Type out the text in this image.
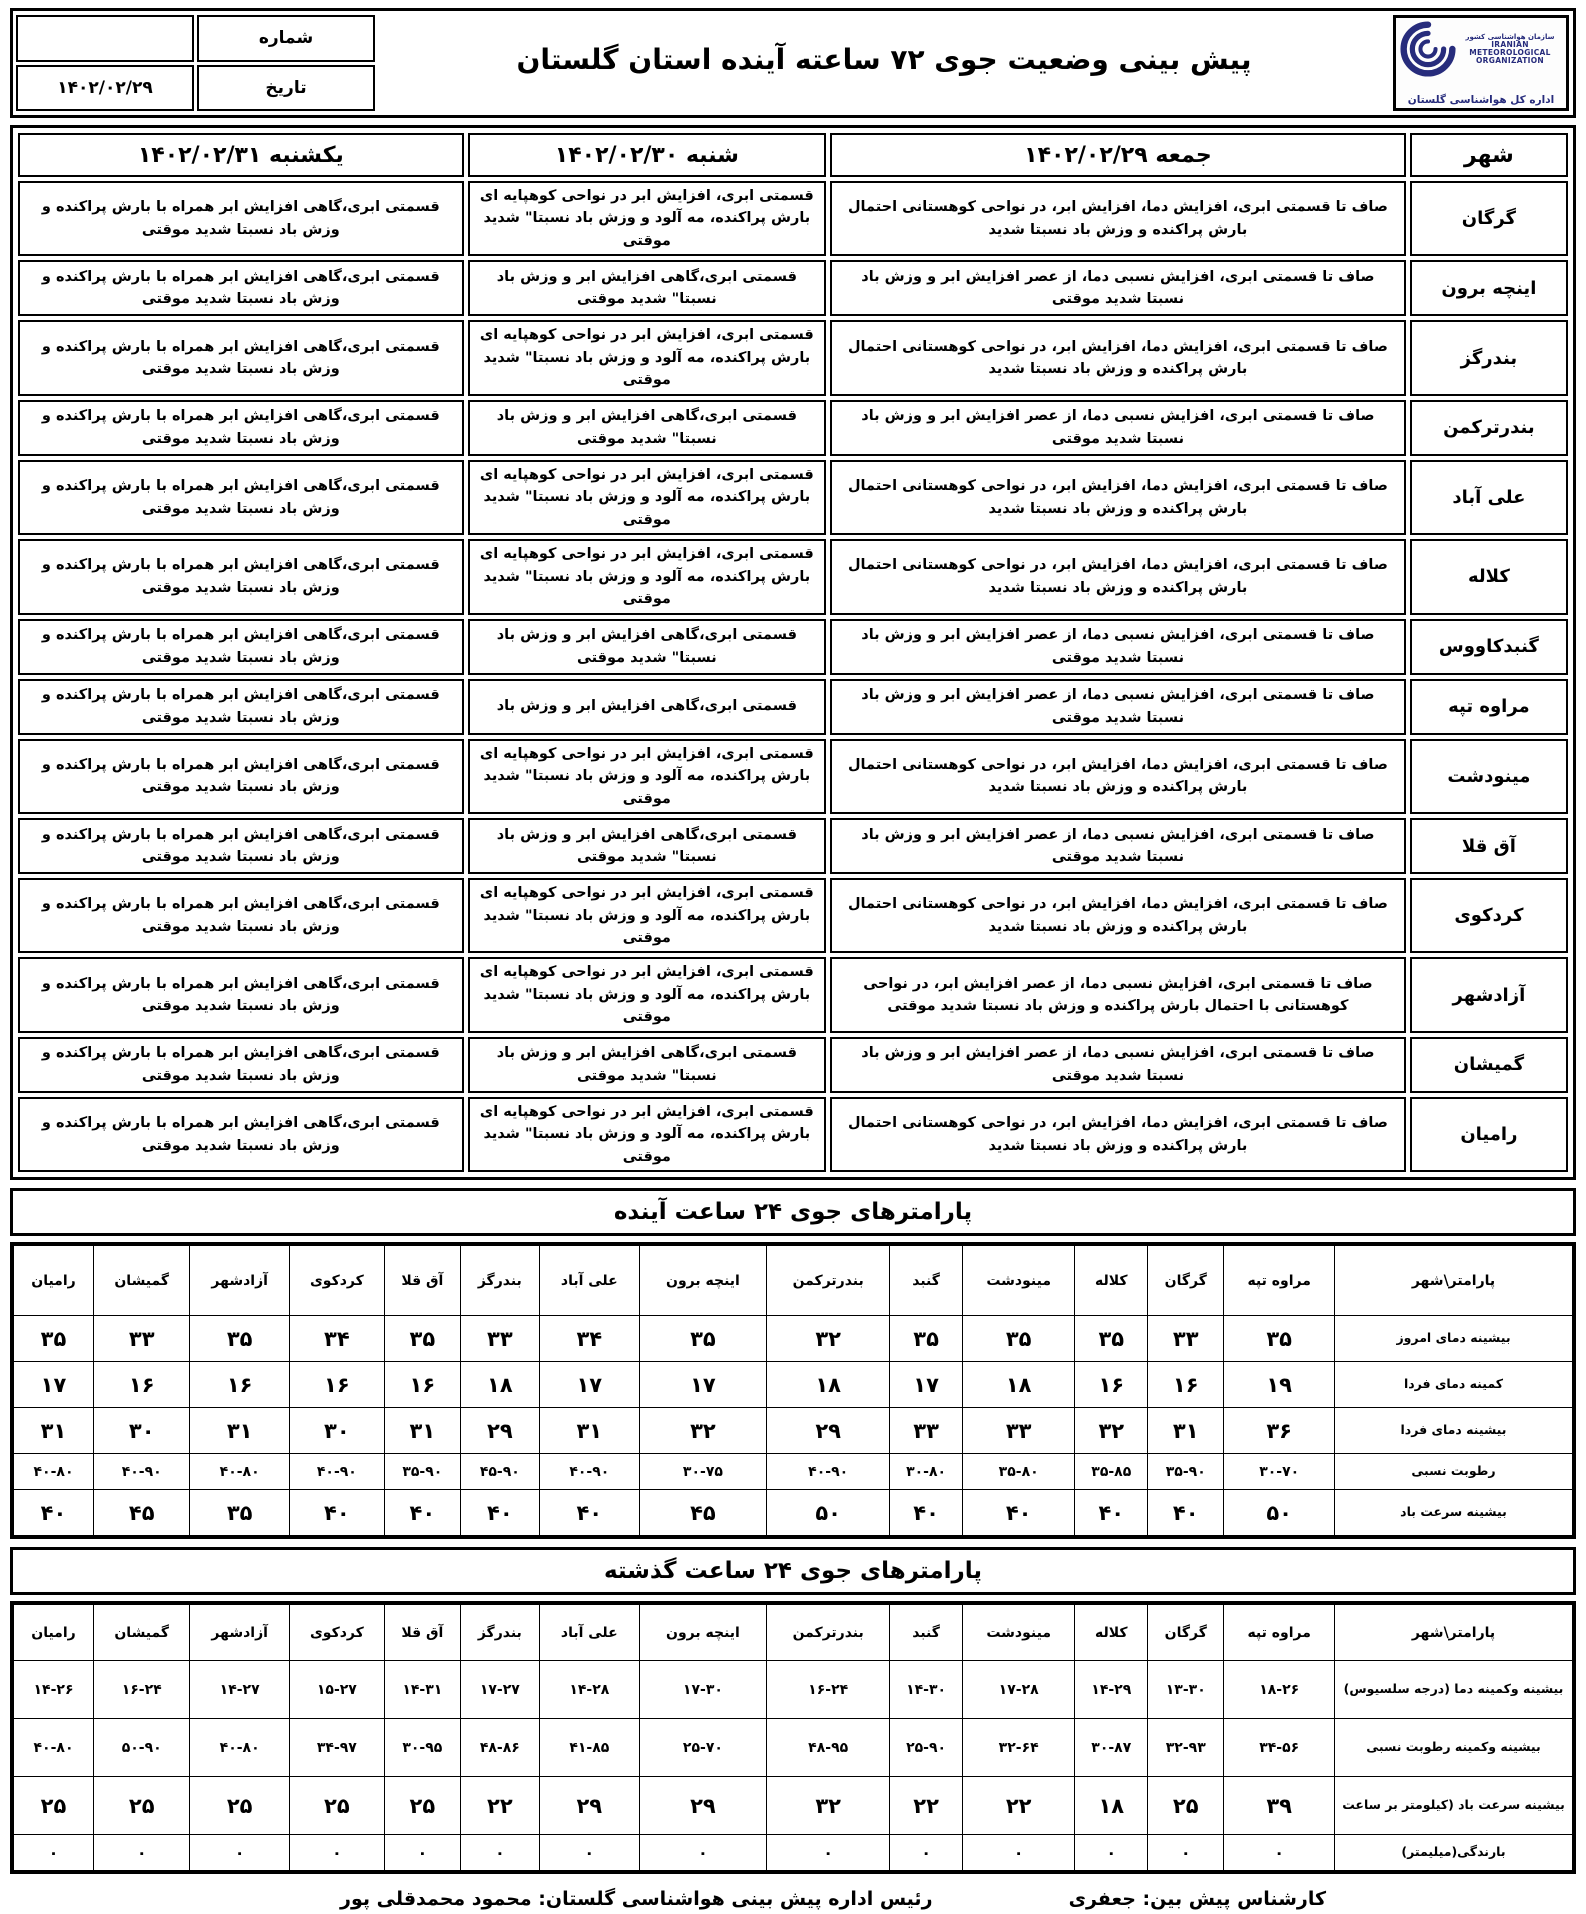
سازمان هواشناسی کشور
IRANIAN
METEOROLOGICAL
ORGANIZATION
اداره کل هواشناسی گلستان
پیش بینی وضعیت جوی ۷۲ ساعته آینده استان گلستان
شماره
تاریخ
۱۴۰۲/۰۲/۲۹
شهر	جمعه ۱۴۰۲/۰۲/۲۹	شنبه ۱۴۰۲/۰۲/۳۰	یکشنبه ۱۴۰۲/۰۲/۳۱
گرگان	صاف تا قسمتی ابری، افزایش دما، افزایش ابر، در نواحی کوهستانی احتمال بارش پراکنده و وزش باد نسبتا شدید	قسمتی ابری، افزایش ابر در نواحی کوهپایه ای بارش پراکنده، مه آلود و وزش باد نسبتا" شدید موقتی	قسمتی ابری،گاهی افزایش ابر همراه با بارش پراکنده و وزش باد نسبتا شدید موقتی
اینچه برون	صاف تا قسمتی ابری، افزایش نسبی دما، از عصر افزایش ابر و وزش باد نسبتا شدید موقتی	قسمتی ابری،گاهی افزایش ابر و وزش باد نسبتا" شدید موقتی	قسمتی ابری،گاهی افزایش ابر همراه با بارش پراکنده و وزش باد نسبتا شدید موقتی
بندرگز	صاف تا قسمتی ابری، افزایش دما، افزایش ابر، در نواحی کوهستانی احتمال بارش پراکنده و وزش باد نسبتا شدید	قسمتی ابری، افزایش ابر در نواحی کوهپایه ای بارش پراکنده، مه آلود و وزش باد نسبتا" شدید موقتی	قسمتی ابری،گاهی افزایش ابر همراه با بارش پراکنده و وزش باد نسبتا شدید موقتی
بندرترکمن	صاف تا قسمتی ابری، افزایش نسبی دما، از عصر افزایش ابر و وزش باد نسبتا شدید موقتی	قسمتی ابری،گاهی افزایش ابر و وزش باد نسبتا" شدید موقتی	قسمتی ابری،گاهی افزایش ابر همراه با بارش پراکنده و وزش باد نسبتا شدید موقتی
علی آباد	صاف تا قسمتی ابری، افزایش دما، افزایش ابر، در نواحی کوهستانی احتمال بارش پراکنده و وزش باد نسبتا شدید	قسمتی ابری، افزایش ابر در نواحی کوهپایه ای بارش پراکنده، مه آلود و وزش باد نسبتا" شدید موقتی	قسمتی ابری،گاهی افزایش ابر همراه با بارش پراکنده و وزش باد نسبتا شدید موقتی
کلاله	صاف تا قسمتی ابری، افزایش دما، افزایش ابر، در نواحی کوهستانی احتمال بارش پراکنده و وزش باد نسبتا شدید	قسمتی ابری، افزایش ابر در نواحی کوهپایه ای بارش پراکنده، مه آلود و وزش باد نسبتا" شدید موقتی	قسمتی ابری،گاهی افزایش ابر همراه با بارش پراکنده و وزش باد نسبتا شدید موقتی
گنبدکاووس	صاف تا قسمتی ابری، افزایش نسبی دما، از عصر افزایش ابر و وزش باد نسبتا شدید موقتی	قسمتی ابری،گاهی افزایش ابر و وزش باد نسبتا" شدید موقتی	قسمتی ابری،گاهی افزایش ابر همراه با بارش پراکنده و وزش باد نسبتا شدید موقتی
مراوه تپه	صاف تا قسمتی ابری، افزایش نسبی دما، از عصر افزایش ابر و وزش باد نسبتا شدید موقتی	قسمتی ابری،گاهی افزایش ابر و وزش باد	قسمتی ابری،گاهی افزایش ابر همراه با بارش پراکنده و وزش باد نسبتا شدید موقتی
مینودشت	صاف تا قسمتی ابری، افزایش دما، افزایش ابر، در نواحی کوهستانی احتمال بارش پراکنده و وزش باد نسبتا شدید	قسمتی ابری، افزایش ابر در نواحی کوهپایه ای بارش پراکنده، مه آلود و وزش باد نسبتا" شدید موقتی	قسمتی ابری،گاهی افزایش ابر همراه با بارش پراکنده و وزش باد نسبتا شدید موقتی
آق قلا	صاف تا قسمتی ابری، افزایش نسبی دما، از عصر افزایش ابر و وزش باد نسبتا شدید موقتی	قسمتی ابری،گاهی افزایش ابر و وزش باد نسبتا" شدید موقتی	قسمتی ابری،گاهی افزایش ابر همراه با بارش پراکنده و وزش باد نسبتا شدید موقتی
کردکوی	صاف تا قسمتی ابری، افزایش دما، افزایش ابر، در نواحی کوهستانی احتمال بارش پراکنده و وزش باد نسبتا شدید	قسمتی ابری، افزایش ابر در نواحی کوهپایه ای بارش پراکنده، مه آلود و وزش باد نسبتا" شدید موقتی	قسمتی ابری،گاهی افزایش ابر همراه با بارش پراکنده و وزش باد نسبتا شدید موقتی
آزادشهر	صاف تا قسمتی ابری، افزایش نسبی دما، از عصر افزایش ابر، در نواحی کوهستانی با احتمال بارش پراکنده و وزش باد نسبتا شدید موقتی	قسمتی ابری، افزایش ابر در نواحی کوهپایه ای بارش پراکنده، مه آلود و وزش باد نسبتا" شدید موقتی	قسمتی ابری،گاهی افزایش ابر همراه با بارش پراکنده و وزش باد نسبتا شدید موقتی
گمیشان	صاف تا قسمتی ابری، افزایش نسبی دما، از عصر افزایش ابر و وزش باد نسبتا شدید موقتی	قسمتی ابری،گاهی افزایش ابر و وزش باد نسبتا" شدید موقتی	قسمتی ابری،گاهی افزایش ابر همراه با بارش پراکنده و وزش باد نسبتا شدید موقتی
رامیان	صاف تا قسمتی ابری، افزایش دما، افزایش ابر، در نواحی کوهستانی احتمال بارش پراکنده و وزش باد نسبتا شدید	قسمتی ابری، افزایش ابر در نواحی کوهپایه ای بارش پراکنده، مه آلود و وزش باد نسبتا" شدید موقتی	قسمتی ابری،گاهی افزایش ابر همراه با بارش پراکنده و وزش باد نسبتا شدید موقتی
پارامترهای جوی ۲۴ ساعت آینده
پارامتر\شهر	مراوه تپه	گرگان	کلاله	مینودشت	گنبد	بندرترکمن	اینچه برون	علی آباد	بندرگز	آق قلا	کردکوی	آزادشهر	گمیشان	رامیان
بیشینه دمای امروز	۳۵	۳۳	۳۵	۳۵	۳۵	۳۲	۳۵	۳۴	۳۳	۳۵	۳۴	۳۵	۳۳	۳۵
کمینه دمای فردا	۱۹	۱۶	۱۶	۱۸	۱۷	۱۸	۱۷	۱۷	۱۸	۱۶	۱۶	۱۶	۱۶	۱۷
بیشینه دمای فردا	۳۶	۳۱	۳۲	۳۳	۳۳	۲۹	۳۲	۳۱	۲۹	۳۱	۳۰	۳۱	۳۰	۳۱
رطوبت نسبی	۳۰-۷۰	۳۵-۹۰	۳۵-۸۵	۳۵-۸۰	۳۰-۸۰	۴۰-۹۰	۳۰-۷۵	۴۰-۹۰	۴۵-۹۰	۳۵-۹۰	۴۰-۹۰	۴۰-۸۰	۴۰-۹۰	۴۰-۸۰
بیشینه سرعت باد	۵۰	۴۰	۴۰	۴۰	۴۰	۵۰	۴۵	۴۰	۴۰	۴۰	۴۰	۳۵	۴۵	۴۰
پارامترهای جوی ۲۴ ساعت گذشته
پارامتر\شهر	مراوه تپه	گرگان	کلاله	مینودشت	گنبد	بندرترکمن	اینچه برون	علی آباد	بندرگز	آق قلا	کردکوی	آزادشهر	گمیشان	رامیان
بیشینه وکمینه دما (درجه سلسیوس)	۱۸-۲۶	۱۳-۳۰	۱۴-۲۹	۱۷-۲۸	۱۴-۳۰	۱۶-۲۴	۱۷-۳۰	۱۴-۲۸	۱۷-۲۷	۱۴-۳۱	۱۵-۲۷	۱۴-۲۷	۱۶-۲۴	۱۴-۲۶
بیشینه وکمینه رطوبت نسبی	۳۴-۵۶	۳۲-۹۳	۳۰-۸۷	۳۲-۶۴	۲۵-۹۰	۴۸-۹۵	۲۵-۷۰	۴۱-۸۵	۴۸-۸۶	۳۰-۹۵	۳۴-۹۷	۴۰-۸۰	۵۰-۹۰	۴۰-۸۰
بیشینه سرعت باد (کیلومتر بر ساعت	۳۹	۲۵	۱۸	۲۲	۲۲	۳۲	۲۹	۲۹	۲۲	۲۵	۲۵	۲۵	۲۵	۲۵
بارندگی(میلیمتر)	۰	۰	۰	۰	۰	۰	۰	۰	۰	۰	۰	۰	۰	۰
کارشناس پیش بین: جعفری
رئیس اداره پیش بینی هواشناسی گلستان: محمود محمدقلی پور
